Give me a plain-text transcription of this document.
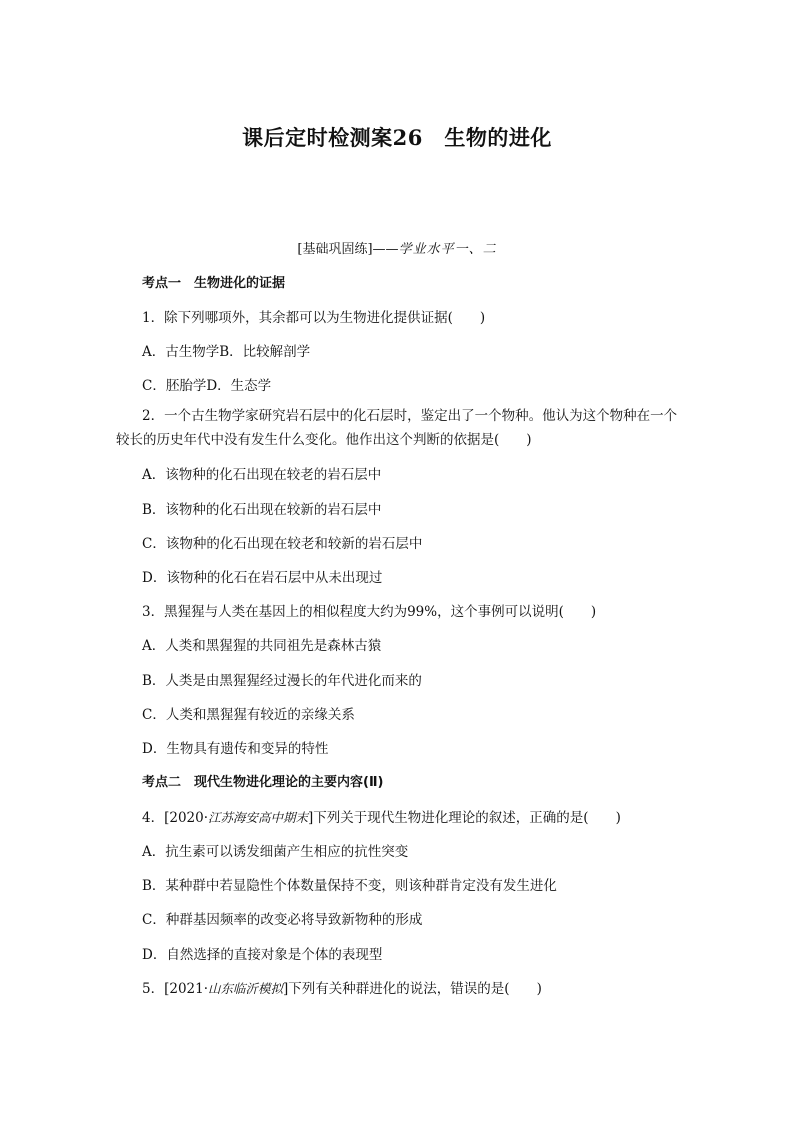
课后定时检测案26　生物的进化
[基础巩固练]——学业水平一、二
考点一　生物进化的证据
1．除下列哪项外，其余都可以为生物进化提供证据(　　)
A．古生物学B．比较解剖学
C．胚胎学D．生态学
2．一个古生物学家研究岩石层中的化石层时，鉴定出了一个物种。他认为这个物种在一个较长的历史年代中没有发生什么变化。他作出这个判断的依据是(　　)
A．该物种的化石出现在较老的岩石层中
B．该物种的化石出现在较新的岩石层中
C．该物种的化石出现在较老和较新的岩石层中
D．该物种的化石在岩石层中从未出现过
3．黑猩猩与人类在基因上的相似程度大约为99%，这个事例可以说明(　　)
A．人类和黑猩猩的共同祖先是森林古猿
B．人类是由黑猩猩经过漫长的年代进化而来的
C．人类和黑猩猩有较近的亲缘关系
D．生物具有遗传和变异的特性
考点二　现代生物进化理论的主要内容(Ⅱ)
4．[2020·江苏海安高中期末]下列关于现代生物进化理论的叙述，正确的是(　　)
A．抗生素可以诱发细菌产生相应的抗性突变
B．某种群中若显隐性个体数量保持不变，则该种群肯定没有发生进化
C．种群基因频率的改变必将导致新物种的形成
D．自然选择的直接对象是个体的表现型
5．[2021·山东临沂模拟]下列有关种群进化的说法，错误的是(　　)
